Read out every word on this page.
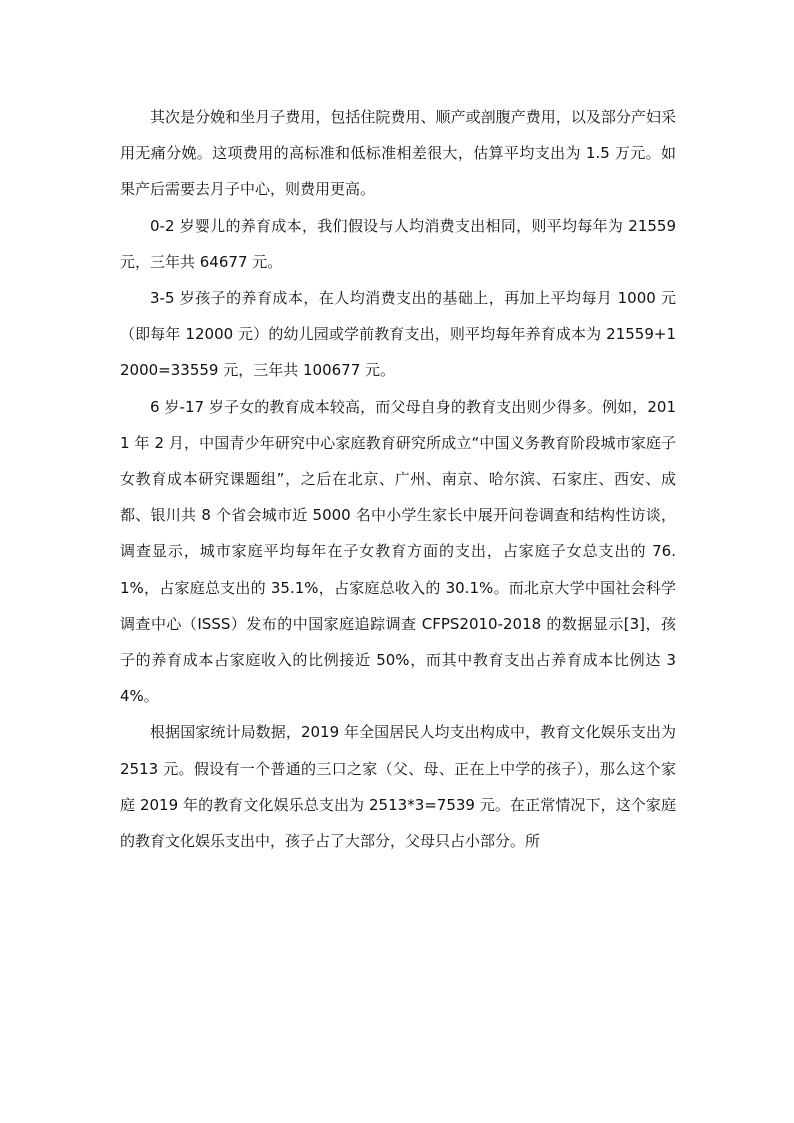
其次是分娩和坐月子费用，包括住院费用、顺产或剖腹产费用，以及部分产妇采用无痛分娩。这项费用的高标准和低标准相差很大，估算平均支出为 1.5 万元。如果产后需要去月子中心，则费用更高。

0-2 岁婴儿的养育成本，我们假设与人均消费支出相同，则平均每年为 21559 元，三年共 64677 元。

3-5 岁孩子的养育成本，在人均消费支出的基础上，再加上平均每月 1000 元（即每年 12000 元）的幼儿园或学前教育支出，则平均每年养育成本为 21559+12000=33559 元，三年共 100677 元。

6 岁-17 岁子女的教育成本较高，而父母自身的教育支出则少得多。例如，2011 年 2 月，中国青少年研究中心家庭教育研究所成立“中国义务教育阶段城市家庭子女教育成本研究课题组”，之后在北京、广州、南京、哈尔滨、石家庄、西安、成都、银川共 8 个省会城市近 5000 名中小学生家长中展开问卷调查和结构性访谈，调查显示，城市家庭平均每年在子女教育方面的支出，占家庭子女总支出的 76.1%，占家庭总支出的 35.1%，占家庭总收入的 30.1%。而北京大学中国社会科学调查中心（ISSS）发布的中国家庭追踪调查 CFPS2010-2018 的数据显示[3]，孩子的养育成本占家庭收入的比例接近 50%，而其中教育支出占养育成本比例达 34%。

根据国家统计局数据，2019 年全国居民人均支出构成中，教育文化娱乐支出为 2513 元。假设有一个普通的三口之家（父、母、正在上中学的孩子），那么这个家庭 2019 年的教育文化娱乐总支出为 2513*3=7539 元。在正常情况下，这个家庭的教育文化娱乐支出中，孩子占了大部分，父母只占小部分。所
